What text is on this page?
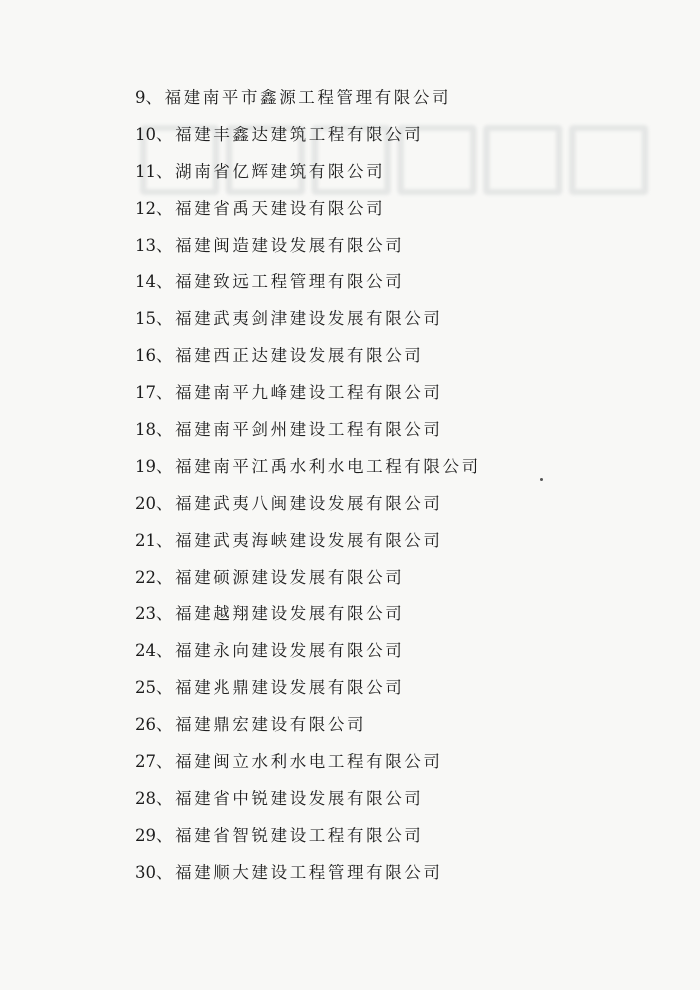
9、福建南平市鑫源工程管理有限公司
10、福建丰鑫达建筑工程有限公司
11、湖南省亿辉建筑有限公司
12、福建省禹天建设有限公司
13、福建闽造建设发展有限公司
14、福建致远工程管理有限公司
15、福建武夷剑津建设发展有限公司
16、福建西正达建设发展有限公司
17、福建南平九峰建设工程有限公司
18、福建南平剑州建设工程有限公司
19、福建南平江禹水利水电工程有限公司
20、福建武夷八闽建设发展有限公司
21、福建武夷海峡建设发展有限公司
22、福建硕源建设发展有限公司
23、福建越翔建设发展有限公司
24、福建永向建设发展有限公司
25、福建兆鼎建设发展有限公司
26、福建鼎宏建设有限公司
27、福建闽立水利水电工程有限公司
28、福建省中锐建设发展有限公司
29、福建省智锐建设工程有限公司
30、福建顺大建设工程管理有限公司
